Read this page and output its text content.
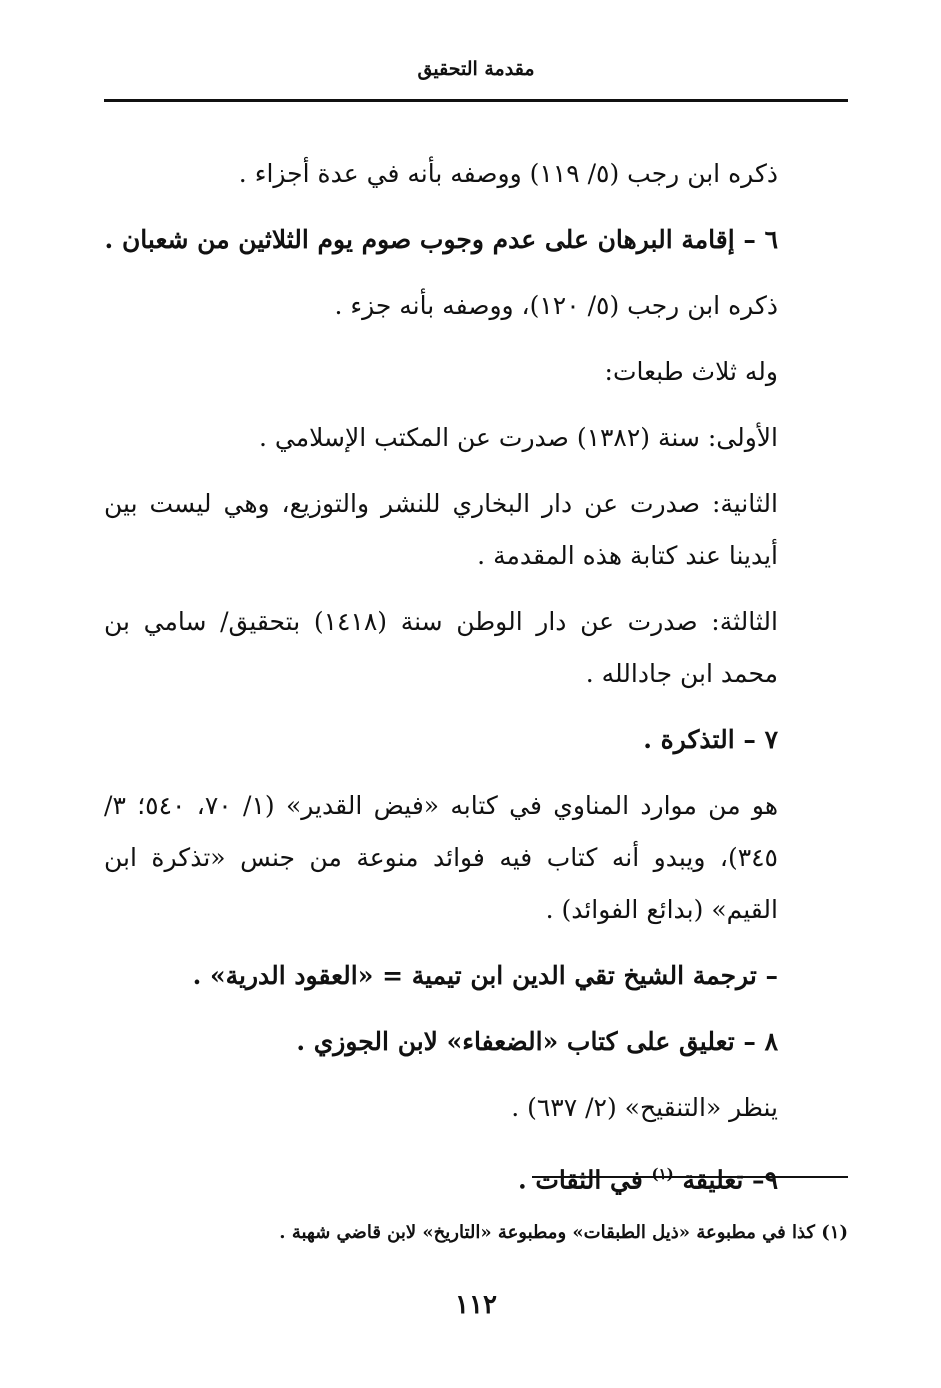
مقدمة التحقيق

ذكره ابن رجب (٥/ ١١٩) ووصفه بأنه في عدة أجزاء .

٦ – إقامة البرهان على عدم وجوب صوم يوم الثلاثين من شعبان .

ذكره ابن رجب (٥/ ١٢٠)، ووصفه بأنه جزء .

وله ثلاث طبعات:

الأولى: سنة (١٣٨٢) صدرت عن المكتب الإسلامي .

الثانية: صدرت عن دار البخاري للنشر والتوزيع، وهي ليست بين أيدينا عند كتابة هذه المقدمة .

الثالثة: صدرت عن دار الوطن سنة (١٤١٨) بتحقيق/ سامي بن محمد ابن جادالله .

٧ – التذكرة .

هو من موارد المناوي في كتابه «فيض القدير» (١/ ٧٠، ٥٤٠؛ ٣/ ٣٤٥)، ويبدو أنه كتاب فيه فوائد منوعة من جنس «تذكرة ابن القيم» (بدائع الفوائد) .

– ترجمة الشيخ تقي الدين ابن تيمية = «العقود الدرية» .

٨ – تعليق على كتاب «الضعفاء» لابن الجوزي .

ينظر «التنقيح» (٢/ ٦٣٧) .

٩– تعليقة $^{(١)}$ في الثقات .

(١) كذا في مطبوعة «ذيل الطبقات» ومطبوعة «التاريخ» لابن قاضي شهبة .
١١٢
